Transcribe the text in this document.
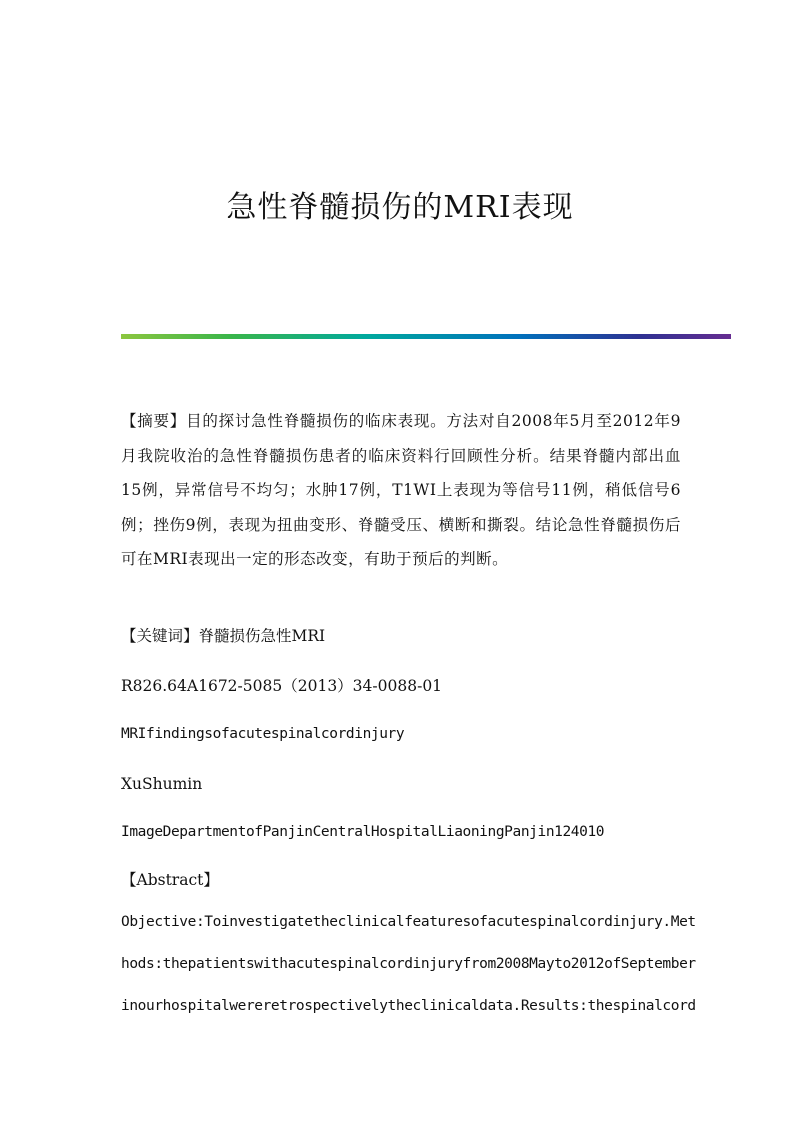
急性脊髓损伤的MRI表现
【摘要】目的探讨急性脊髓损伤的临床表现。方法对自2008年5月至2012年9月我院收治的急性脊髓损伤患者的临床资料行回顾性分析。结果脊髓内部出血15例，异常信号不均匀；水肿17例，T1WI上表现为等信号11例，稍低信号6例；挫伤9例，表现为扭曲变形、脊髓受压、横断和撕裂。结论急性脊髓损伤后可在MRI表现出一定的形态改变，有助于预后的判断。
【关键词】脊髓损伤急性MRI
R826.64A1672-5085（2013）34-0088-01
MRIfindingsofacutespinalcordinjury
XuShumin
ImageDepartmentofPanjinCentralHospitalLiaoningPanjin124010
【Abstract】
Objective:Toinvestigatetheclinicalfeaturesofacutespinalcordinjury.Met
hods:thepatientswithacutespinalcordinjuryfrom2008Mayto2012ofSeptember
inourhospitalwereretrospectivelytheclinicaldata.Results:thespinalcord
